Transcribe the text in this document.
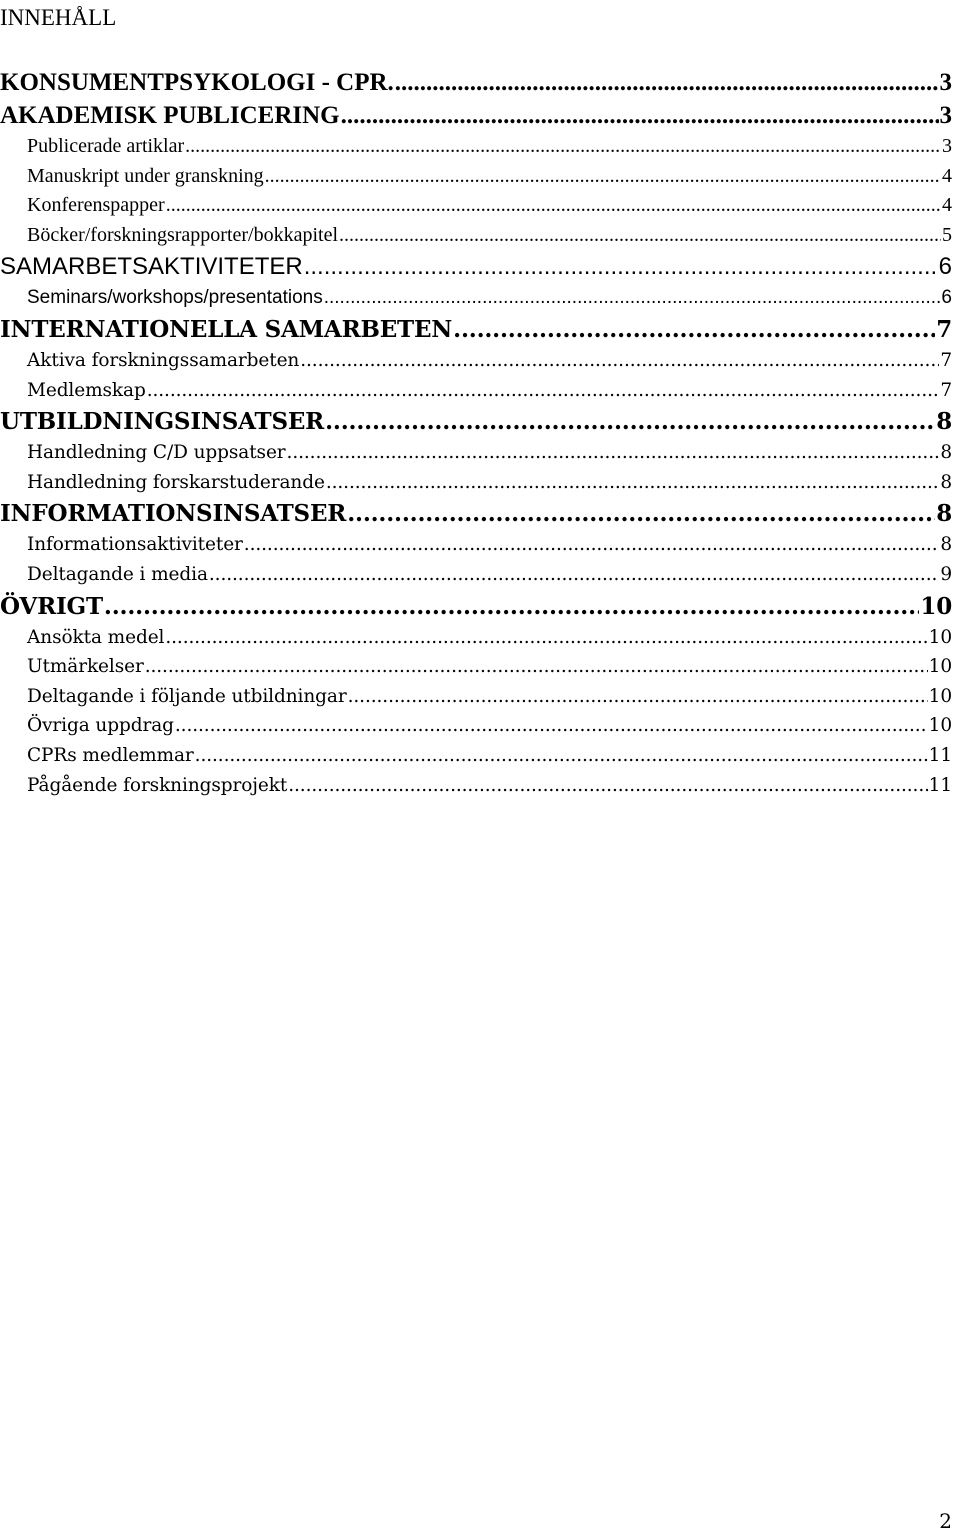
INNEHÅLL
KONSUMENTPSYKOLOGI - CPR. .....	3
AKADEMISK PUBLICERING .....	3
Publicerade artiklar .....	3
Manuskript under granskning .....	4
Konferenspapper .....	4
Böcker/forskningsrapporter/bokkapitel .....	5
SAMARBETSAKTIVITETER .....	6
Seminars/workshops/presentations .....	6
INTERNATIONELLA SAMARBETEN .....	7
Aktiva forskningssamarbeten .....	7
Medlemskap .....	7
UTBILDNINGSINSATSER .....	8
Handledning C/D uppsatser .....	8
Handledning forskarstuderande .....	8
INFORMATIONSINSATSER .....	8
Informationsaktiviteter .....	8
Deltagande i media .....	9
ÖVRIGT .....	10
Ansökta medel .....	10
Utmärkelser .....	10
Deltagande i följande utbildningar .....	10
Övriga uppdrag .....	10
CPRs medlemmar .....	11
Pågående forskningsprojekt .....	11
2
